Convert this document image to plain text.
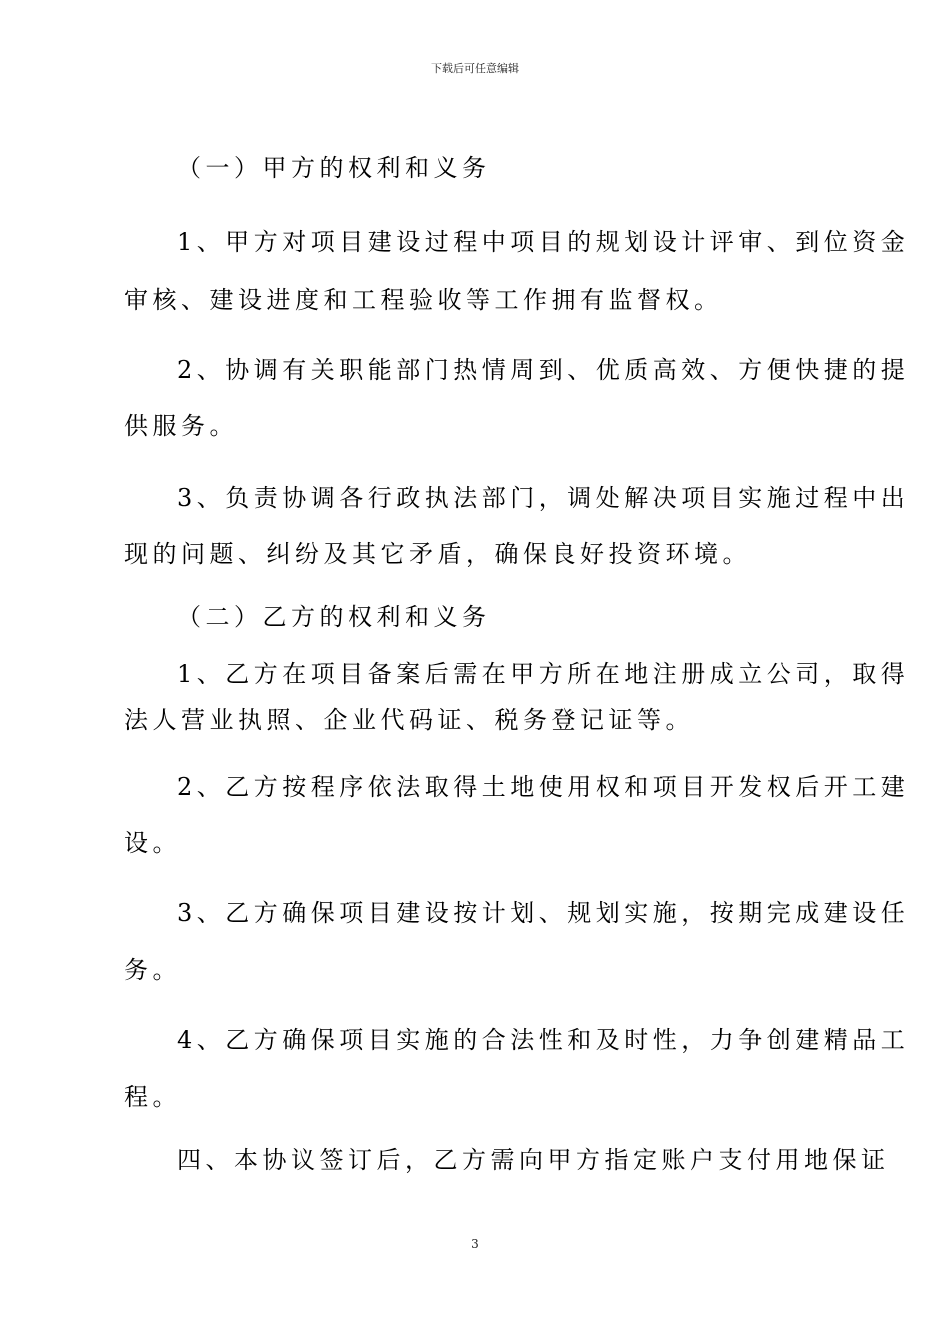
下载后可任意编辑
（一）甲方的权利和义务
1、甲方对项目建设过程中项目的规划设计评审、到位资金
审核、建设进度和工程验收等工作拥有监督权。
2、协调有关职能部门热情周到、优质高效、方便快捷的提
供服务。
3、负责协调各行政执法部门，调处解决项目实施过程中出
现的问题、纠纷及其它矛盾，确保良好投资环境。
（二）乙方的权利和义务
1、乙方在项目备案后需在甲方所在地注册成立公司，取得
法人营业执照、企业代码证、税务登记证等。
2、乙方按程序依法取得土地使用权和项目开发权后开工建
设。
3、乙方确保项目建设按计划、规划实施，按期完成建设任
务。
4、乙方确保项目实施的合法性和及时性，力争创建精品工
程。
四、本协议签订后，乙方需向甲方指定账户支付用地保证
3
